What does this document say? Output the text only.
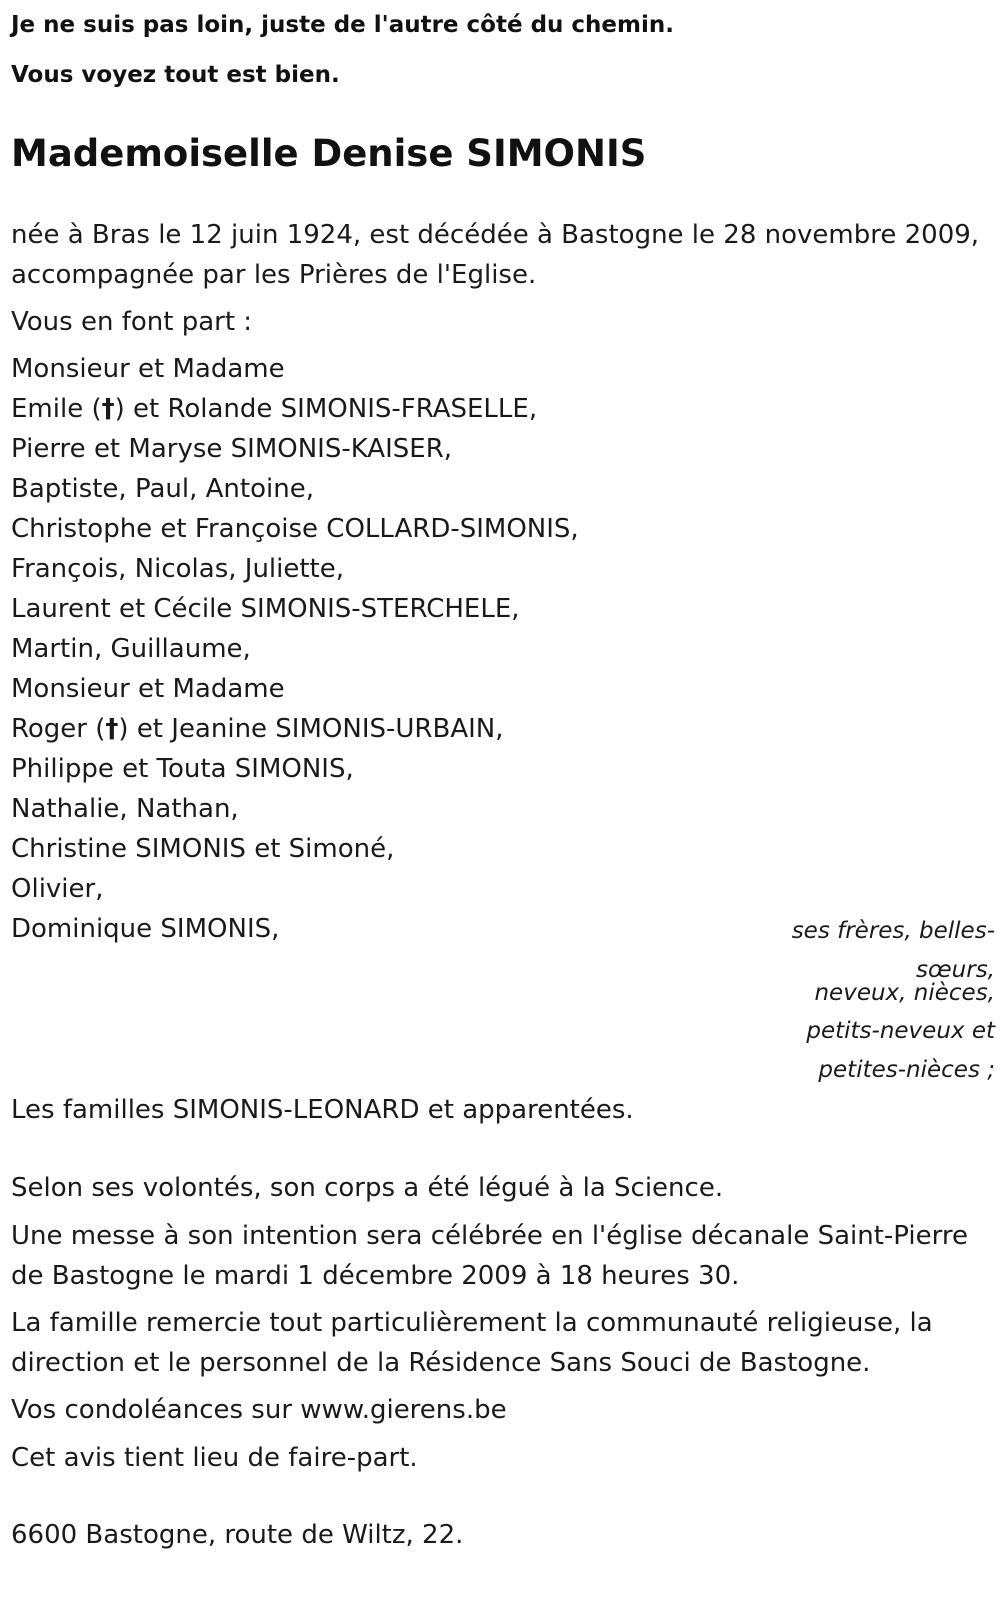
Je ne suis pas loin, juste de l'autre côté du chemin.
Vous voyez tout est bien.
Mademoiselle Denise SIMONIS
née à Bras le 12 juin 1924, est décédée à Bastogne le 28 novembre 2009,
accompagnée par les Prières de l'Eglise.
Vous en font part :
Monsieur et Madame
Emile (†) et Rolande SIMONIS-FRASELLE,
Pierre et Maryse SIMONIS-KAISER,
Baptiste, Paul, Antoine,
Christophe et Françoise COLLARD-SIMONIS,
François, Nicolas, Juliette,
Laurent et Cécile SIMONIS-STERCHELE,
Martin, Guillaume,
Monsieur et Madame
Roger (†) et Jeanine SIMONIS-URBAIN,
Philippe et Touta SIMONIS,
Nathalie, Nathan,
Christine SIMONIS et Simoné,
Olivier,
Dominique SIMONIS,	ses frères, belles-
sœurs,
neveux, nièces,
petits-neveux et
petites-nièces ;
Les familles SIMONIS-LEONARD et apparentées.
Selon ses volontés, son corps a été légué à la Science.
Une messe à son intention sera célébrée en l'église décanale Saint-Pierre
de Bastogne le mardi 1 décembre 2009 à 18 heures 30.
La famille remercie tout particulièrement la communauté religieuse, la
direction et le personnel de la Résidence Sans Souci de Bastogne.
Vos condoléances sur www.gierens.be
Cet avis tient lieu de faire-part.
6600 Bastogne, route de Wiltz, 22.
